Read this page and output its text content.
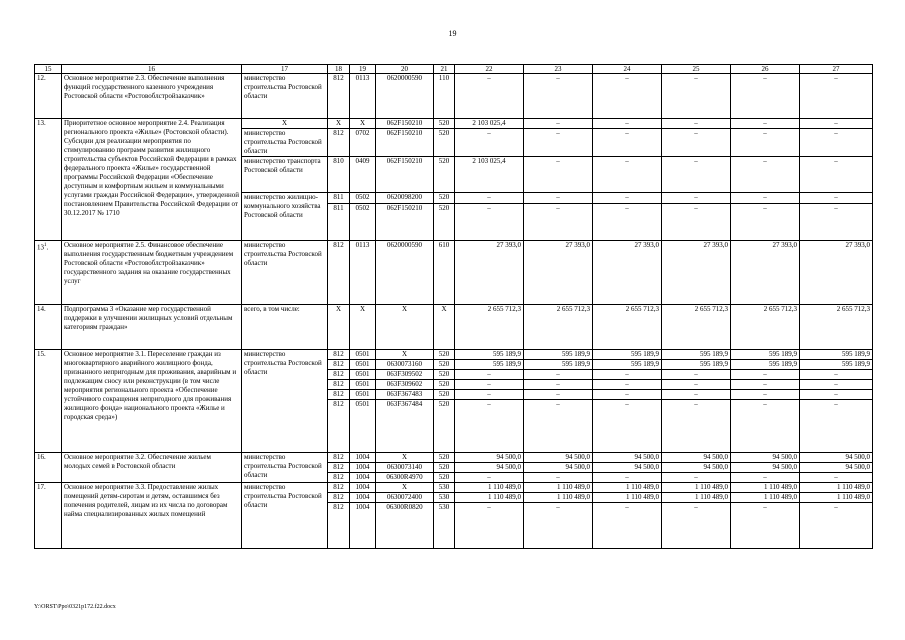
19
15	16	17	18	19	20	21	22	23	24	25	26	27
12.	Основное мероприятие 2.3. Обеспечение выполнения функций государственного казенного учреждения Ростовской области «Ростовоблстройзаказчик»	министерство строительства Ростовской области	812	0113	0620000590	110	–	–	–	–	–	–
13.	Приоритетное основное мероприятие 2.4. Реализация регионального проекта «Жилье» (Ростовской области). Субсидии для реализации мероприятия по стимулированию программ развития жилищного строительства субъектов Российской Федерации в рамках федерального проекта «Жилье» государственной программы Российской Федерации «Обеспечение доступным и комфортным жильем и коммунальными услугами граждан Российской Федерации», утвержденной постановлением Правительства Российской Федерации от 30.12.2017 № 1710	Х	Х	Х	062F150210	520	2 103 025,4	–	–	–	–	–
		министерство строительства Ростовской области	812	0702	062F150210	520	–	–	–	–	–	–
		министерство транспорта Ростовской области	810	0409	062F150210	520	2 103 025,4	–	–	–	–	–
		министерство жилищно-коммунального хозяйства Ростовской области	811	0502	0620098200	520	–	–	–	–	–	–
			811	0502	062F150210	520	–	–	–	–	–	–

$13^1$.	Основное мероприятие 2.5. Финансовое обеспечение выполнения государственным бюджетным учреждением Ростовской области «Ростовоблстройзаказчик» государственного задания на оказание государственных услуг	министерство строительства Ростовской области	812	0113	0620000590	610	27 393,0	27 393,0	27 393,0	27 393,0	27 393,0	27 393,0
14.	Подпрограмма 3 «Оказание мер государственной поддержки в улучшении жилищных условий отдельным категориям граждан»	всего, в том числе:	Х	Х	Х	Х	2 655 712,3	2 655 712,3	2 655 712,3	2 655 712,3	2 655 712,3	2 655 712,3
15.	Основное мероприятие 3.1. Переселение граждан из многоквартирного аварийного жилищного фонда, признанного непригодным для проживания, аварийным и подлежащим сносу или реконструкции (в том числе мероприятия регионального проекта «Обеспечение устойчивого сокращения непригодного для проживания жилищного фонда» национального проекта «Жилье и городская среда»)	министерство строительства Ростовской области	812	0501	Х	520	595 189,9	595 189,9	595 189,9	595 189,9	595 189,9	595 189,9
			812	0501	0630073160	520	595 189,9	595 189,9	595 189,9	595 189,9	595 189,9	595 189,9
			812	0501	063F309502	520	–	–	–	–	–	–
			812	0501	063F309602	520	–	–	–	–	–	–
			812	0501	063F367483	520	–	–	–	–	–	–
			812	0501	063F367484	520	–	–	–	–	–	–
16.	Основное мероприятие 3.2. Обеспечение жильем молодых семей в Ростовской области	министерство строительства Ростовской области	812	1004	Х	520	94 500,0	94 500,0	94 500,0	94 500,0	94 500,0	94 500,0
			812	1004	0630073140	520	94 500,0	94 500,0	94 500,0	94 500,0	94 500,0	94 500,0
			812	1004	06300R4970	520	–	–	–	–	–	–
17.	Основное мероприятие 3.3. Предоставление жилых помещений детям-сиротам и детям, оставшимся без попечения родителей, лицам из их числа по договорам найма специализированных жилых помещений	министерство строительства Ростовской области	812	1004	Х	530	1 110 489,0	1 110 489,0	1 110 489,0	1 110 489,0	1 110 489,0	1 110 489,0
			812	1004	0630072400	530	1 110 489,0	1 110 489,0	1 110 489,0	1 110 489,0	1 110 489,0	1 110 489,0
			812	1004	06300R0820	530	–	–	–	–	–	–
Y:\ORST\Ppo\0321p172.f22.docx
